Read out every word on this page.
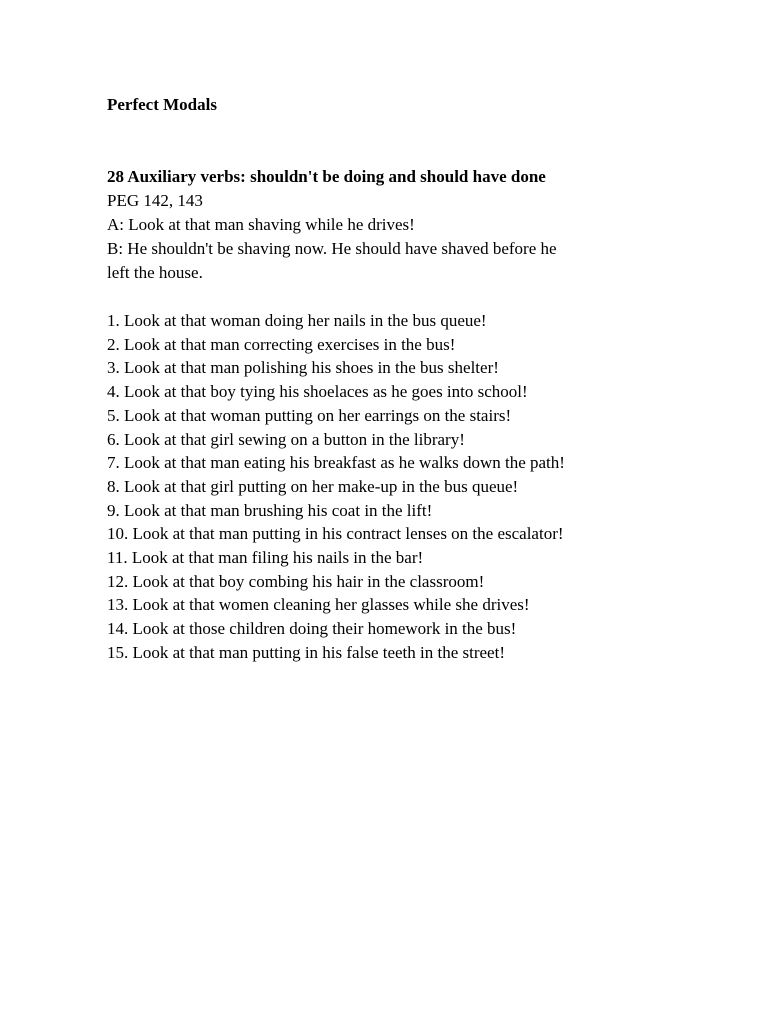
Perfect Modals

28 Auxiliary verbs: shouldn't be doing and should have done

PEG 142, 143

A: Look at that man shaving while he drives!

B: He shouldn't be shaving now. He should have shaved before he

left the house.

1. Look at that woman doing her nails in the bus queue!
2. Look at that man correcting exercises in the bus!
3. Look at that man polishing his shoes in the bus shelter!
4. Look at that boy tying his shoelaces as he goes into school!
5. Look at that woman putting on her earrings on the stairs!
6. Look at that girl sewing on a button in the library!
7. Look at that man eating his breakfast as he walks down the path!
8. Look at that girl putting on her make-up in the bus queue!
9. Look at that man brushing his coat in the lift!
10. Look at that man putting in his contract lenses on the escalator!
11. Look at that man filing his nails in the bar!
12. Look at that boy combing his hair in the classroom!
13. Look at that women cleaning her glasses while she drives!
14. Look at those children doing their homework in the bus!
15. Look at that man putting in his false teeth in the street!
